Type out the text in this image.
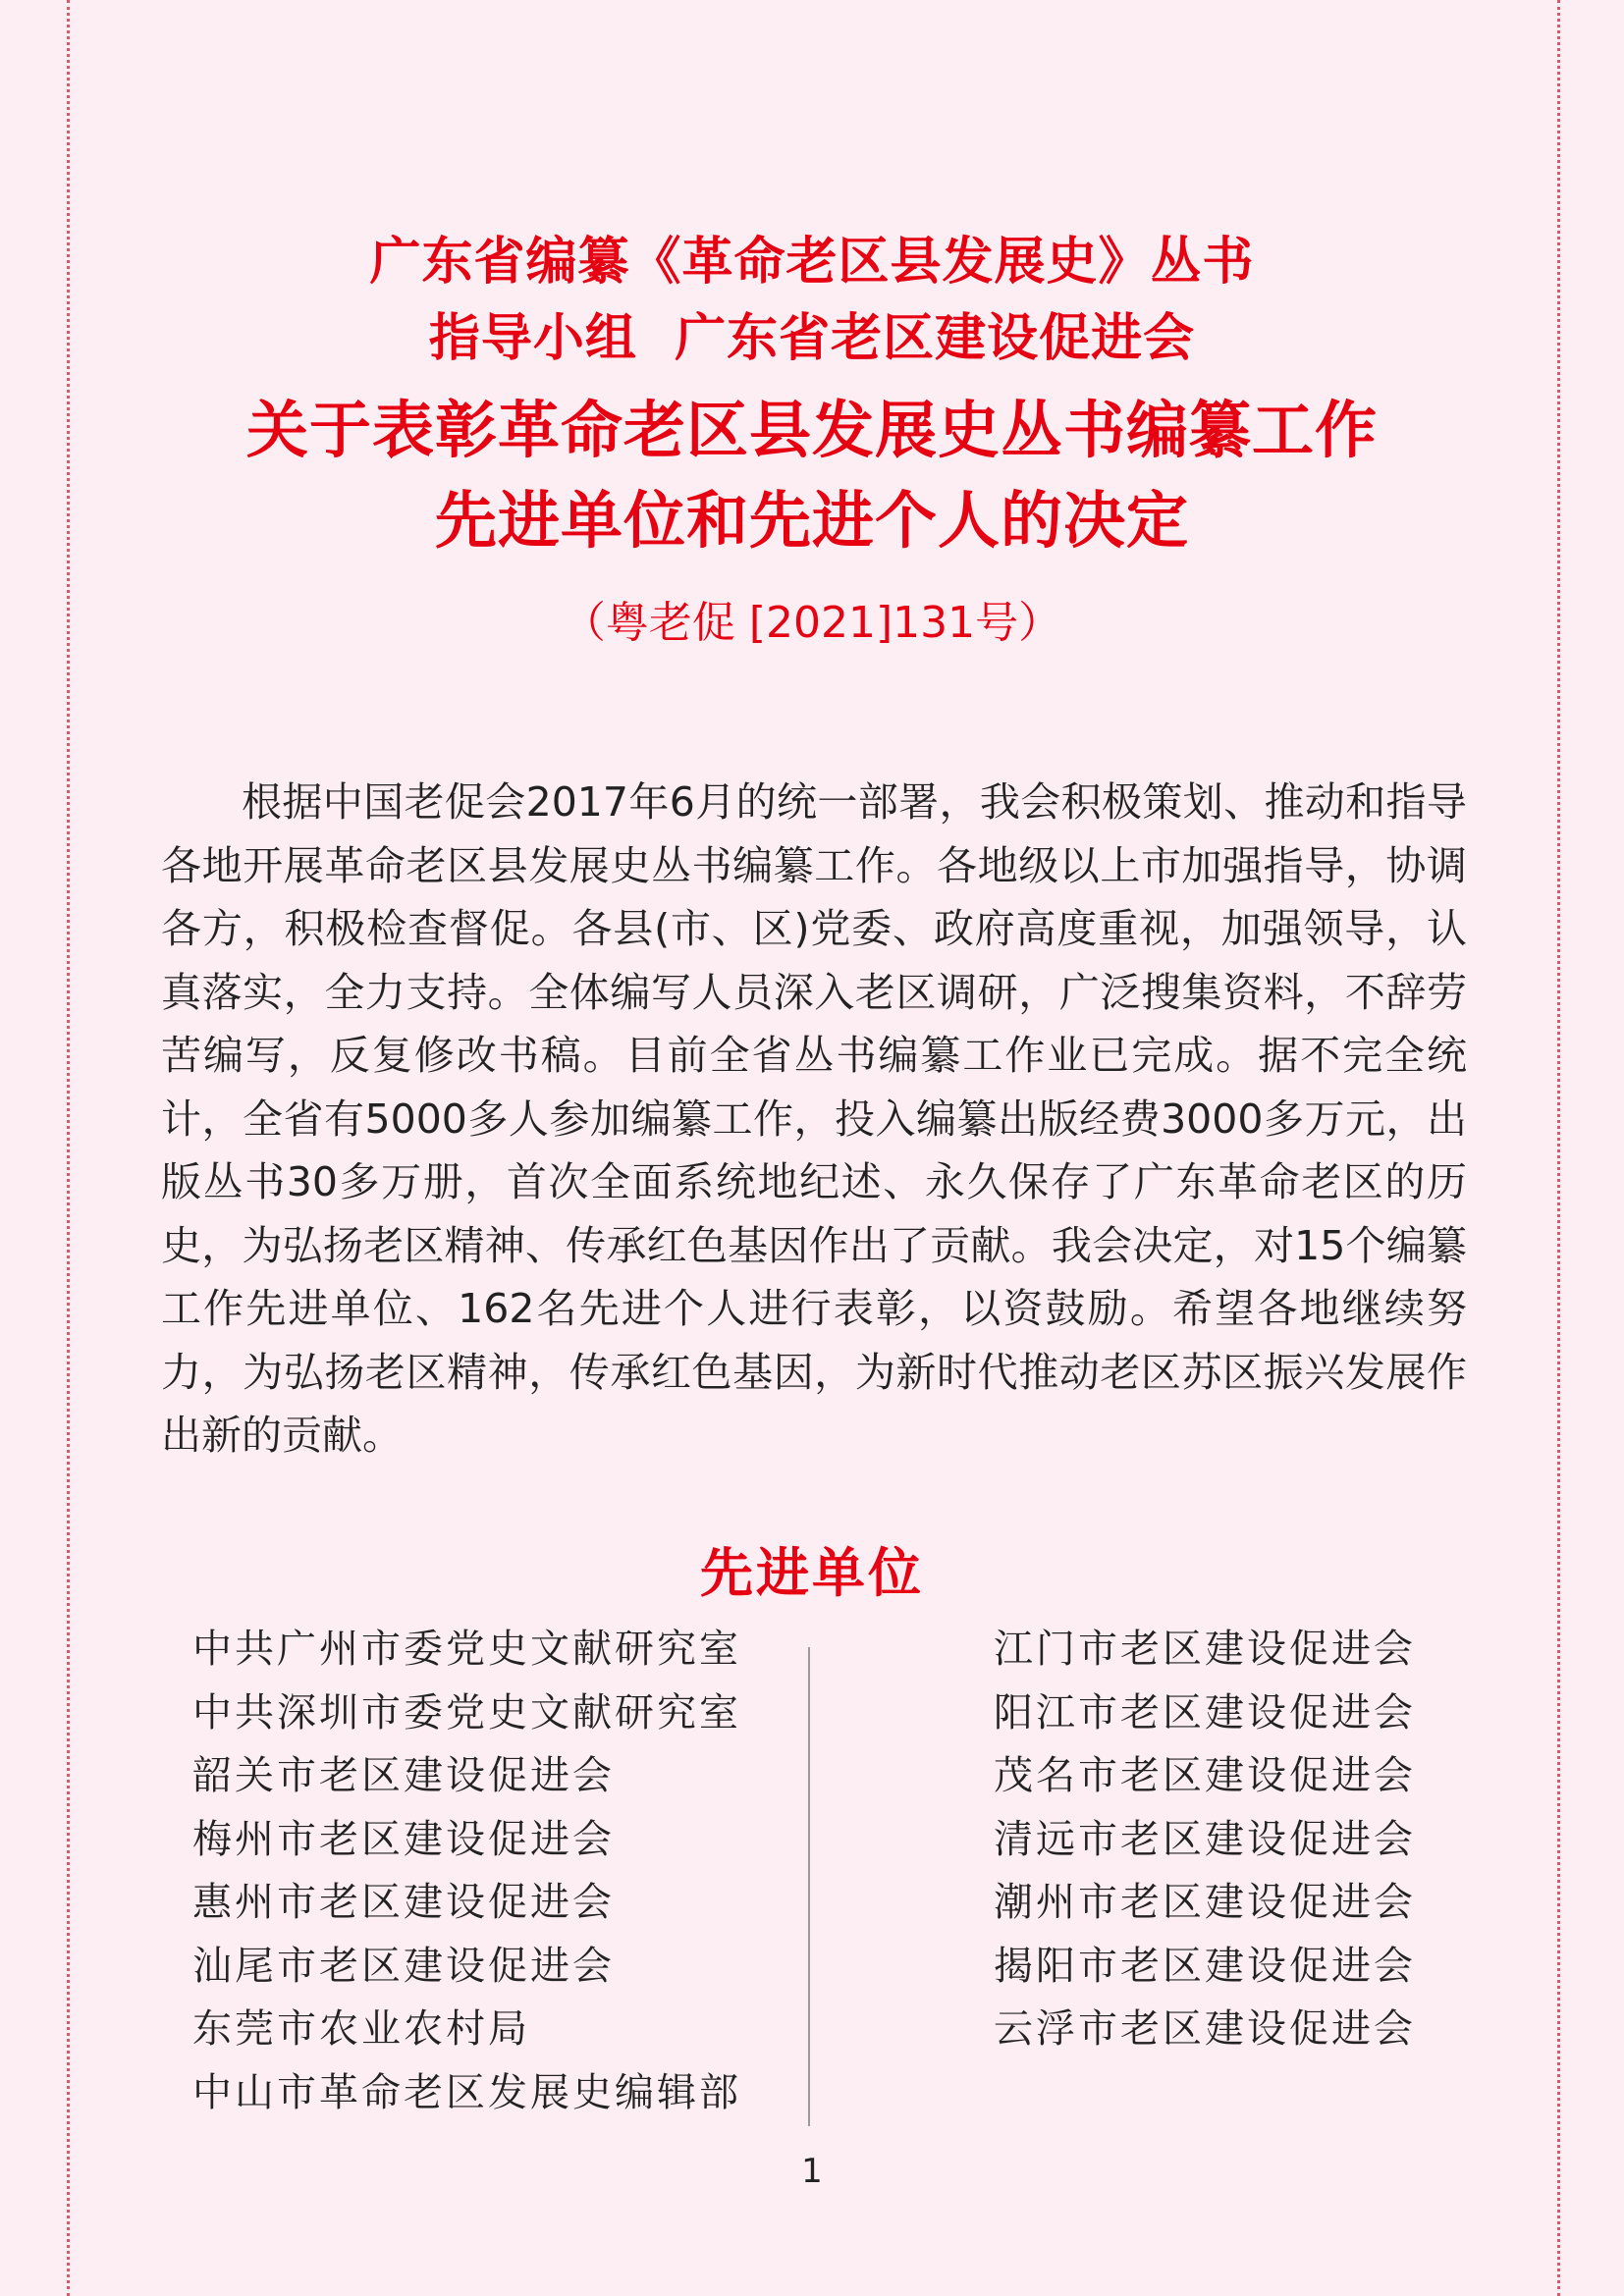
广东省编纂《革命老区县发展史》丛书
指导小组  广东省老区建设促进会
关于表彰革命老区县发展史丛书编纂工作
先进单位和先进个人的决定
（粤老促 [2021]131号）
根据中国老促会2017年6月的统一部署，我会积极策划、推动和指导各地开展革命老区县发展史丛书编纂工作。各地级以上市加强指导，协调各方，积极检查督促。各县(市、区)党委、政府高度重视，加强领导，认真落实，全力支持。全体编写人员深入老区调研，广泛搜集资料，不辞劳苦编写，反复修改书稿。目前全省丛书编纂工作业已完成。据不完全统计，全省有5000多人参加编纂工作，投入编纂出版经费3000多万元，出版丛书30多万册，首次全面系统地纪述、永久保存了广东革命老区的历史，为弘扬老区精神、传承红色基因作出了贡献。我会决定，对15个编纂工作先进单位、162名先进个人进行表彰，以资鼓励。希望各地继续努力，为弘扬老区精神，传承红色基因，为新时代推动老区苏区振兴发展作出新的贡献。
先进单位
中共广州市委党史文献研究室
中共深圳市委党史文献研究室
韶关市老区建设促进会
梅州市老区建设促进会
惠州市老区建设促进会
汕尾市老区建设促进会
东莞市农业农村局
中山市革命老区发展史编辑部
江门市老区建设促进会
阳江市老区建设促进会
茂名市老区建设促进会
清远市老区建设促进会
潮州市老区建设促进会
揭阳市老区建设促进会
云浮市老区建设促进会
1
